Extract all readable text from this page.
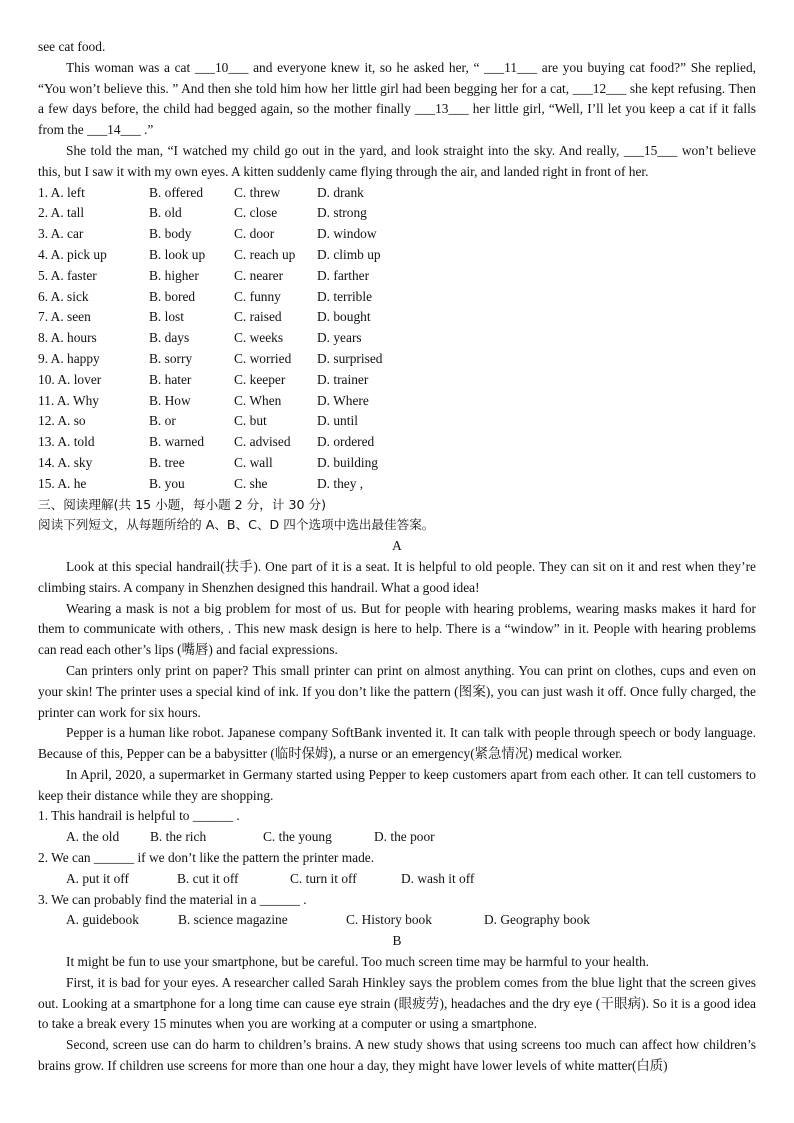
see cat food.

This woman was a cat ___10___ and everyone knew it, so he asked her, “ ___11___ are you buying cat food?” She replied, “You won’t believe this. ” And then she told him how her little girl had been begging her for a cat, ___12___ she kept refusing. Then a few days before, the child had begged again, so the mother finally ___13___ her little girl, “Well, I’ll let you keep a cat if it falls from the ___14___ .”

She told the man, “I watched my child go out in the yard, and look straight into the sky. And really, ___15___ won’t believe this, but I saw it with my own eyes. A kitten suddenly came flying through the air, and landed right in front of her.

1. A. left	B. offered	C. threw	D. drank
2. A. tall	B. old	C. close	D. strong
3. A. car	B. body	C. door	D. window
4. A. pick up	B. look up	C. reach up	D. climb up
5. A. faster	B. higher	C. nearer	D. farther
6. A. sick	B. bored	C. funny	D. terrible
7. A. seen	B. lost	C. raised	D. bought
8. A. hours	B. days	C. weeks	D. years
9. A. happy	B. sorry	C. worried	D. surprised
10. A. lover	B. hater	C. keeper	D. trainer
11. A. Why	B. How	C. When	D. Where
12. A. so	B. or	C. but	D. until
13. A. told	B. warned	C. advised	D. ordered
14. A. sky	B. tree	C. wall	D. building
15. A. he	B. you	C. she	D. they ,
三、阅读理解(共 15 小题，每小题 2 分，计 30 分)
阅读下列短文，从每题所给的 A、B、C、D 四个选项中选出最佳答案。
A

Look at this special handrail(扶手). One part of it is a seat. It is helpful to old people. They can sit on it and rest when they’re climbing stairs. A company in Shenzhen designed this handrail. What a good idea!

Wearing a mask is not a big problem for most of us. But for people with hearing problems, wearing masks makes it hard for them to communicate with others, . This new mask design is here to help. There is a “window” in it. People with hearing problems can read each other’s lips (嘴唇) and facial expressions.

Can printers only print on paper? This small printer can print on almost anything. You can print on clothes, cups and even on your skin! The printer uses a special kind of ink. If you don’t like the pattern (图案), you can just wash it off. Once fully charged, the printer can work for six hours.

Pepper is a human like robot. Japanese company SoftBank invented it. It can talk with people through speech or body language. Because of this, Pepper can be a babysitter (临时保姆), a nurse or an emergency(紧急情况) medical worker.

In April, 2020, a supermarket in Germany started using Pepper to keep customers apart from each other. It can tell customers to keep their distance while they are shopping.

1. This handrail is helpful to ______ .
A. the old	B. the rich	C. the young	D. the poor
2. We can ______ if we don’t like the pattern the printer made.
A. put it off	B. cut it off	C. turn it off	D. wash it off
3. We can probably find the material in a ______ .
A. guidebook	B. science magazine	C. History book	D. Geography book
B

It might be fun to use your smartphone, but be careful. Too much screen time may be harmful to your health.

First, it is bad for your eyes. A researcher called Sarah Hinkley says the problem comes from the blue light that the screen gives out. Looking at a smartphone for a long time can cause eye strain (眼疲劳), headaches and the dry eye (干眼病). So it is a good idea to take a break every 15 minutes when you are working at a computer or using a smartphone.

Second, screen use can do harm to children’s brains. A new study shows that using screens too much can affect how children’s brains grow. If children use screens for more than one hour a day, they might have lower levels of white matter(白质)
